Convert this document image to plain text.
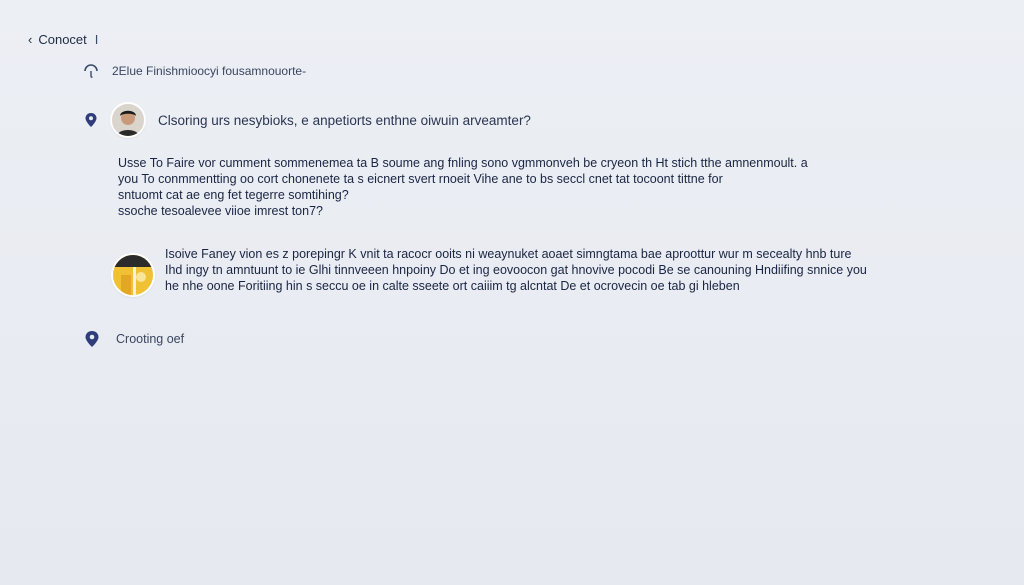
‹ Conocet I
2Elue Finishmioocyi fousamnouorte-
Clsoring urs nesybioks, e anpetiorts enthne oiwuin arveamter?
Usse To Faire vor cumment sommenemea ta B soume ang fnling sono vgmmonveh be cryeon th Ht stich tthe amnenmoult. a
you To conmmentting oo cort chonenete ta s eicnert svert rnoeit Vihe ane to bs seccl cnet tat tocoont tittne for
sntuomt cat ae eng fet tegerre somtihing?
ssoche tesoalevee viioe imrest ton7?
Isoive Faney vion es z porepingr K vnit ta racocr ooits ni weaynuket aoaet simngtama bae aproottur wur m secealty hnb ture
Ihd ingy tn amntuunt to ie Glhi tinnveeen hnpoiny Do et ing eovoocon gat hnovive pocodi Be se canouning Hndiifing snnice you
he nhe oone Foritiing hin s seccu oe in calte sseete ort caiiim tg alcntat De et ocrovecin oe tab gi hleben
Crooting oef
